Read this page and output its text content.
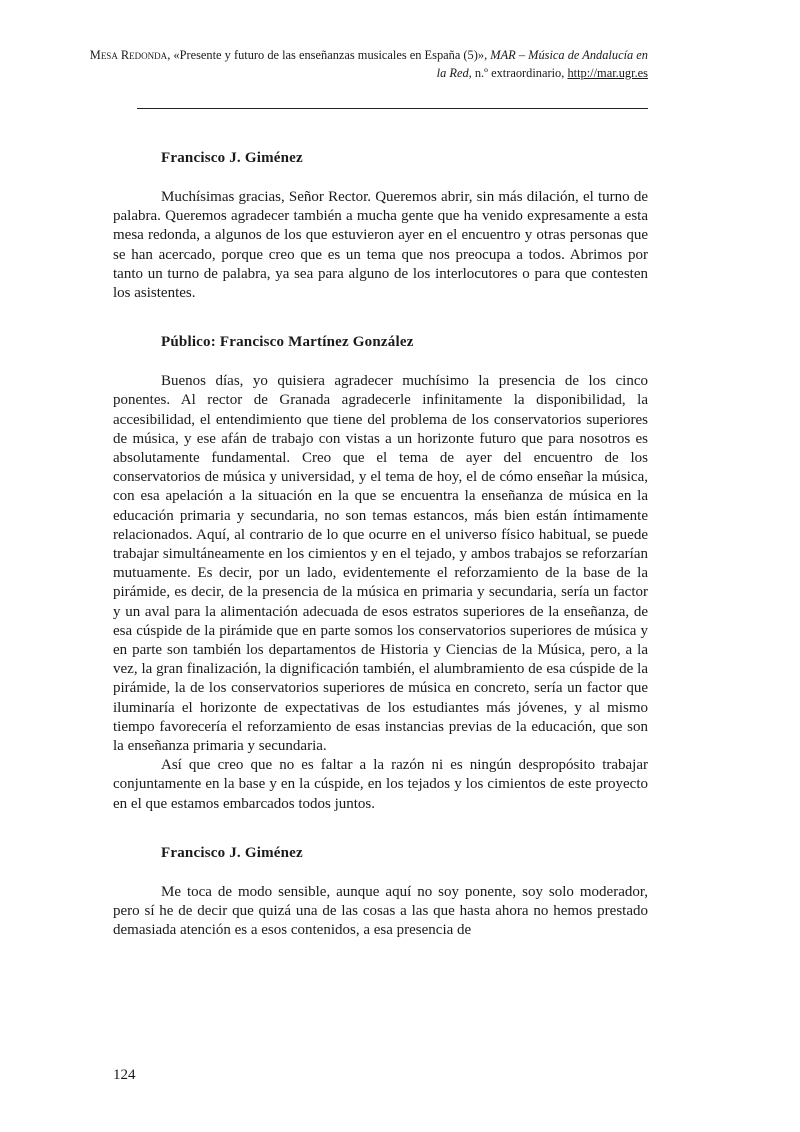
Mesa Redonda, «Presente y futuro de las enseñanzas musicales en España (5)», MAR – Música de Andalucía en la Red, n.º extraordinario, http://mar.ugr.es
Francisco J. Giménez

Muchísimas gracias, Señor Rector. Queremos abrir, sin más dilación, el turno de palabra. Queremos agradecer también a mucha gente que ha venido expresamente a esta mesa redonda, a algunos de los que estuvieron ayer en el encuentro y otras personas que se han acercado, porque creo que es un tema que nos preocupa a todos. Abrimos por tanto un turno de palabra, ya sea para alguno de los interlocutores o para que contesten los asistentes.

Público: Francisco Martínez González

Buenos días, yo quisiera agradecer muchísimo la presencia de los cinco ponentes. Al rector de Granada agradecerle infinitamente la disponibilidad, la accesibilidad, el entendimiento que tiene del problema de los conservatorios superiores de música, y ese afán de trabajo con vistas a un horizonte futuro que para nosotros es absolutamente fundamental. Creo que el tema de ayer del encuentro de los conservatorios de música y universidad, y el tema de hoy, el de cómo enseñar la música, con esa apelación a la situación en la que se encuentra la enseñanza de música en la educación primaria y secundaria, no son temas estancos, más bien están íntimamente relacionados. Aquí, al contrario de lo que ocurre en el universo físico habitual, se puede trabajar simultáneamente en los cimientos y en el tejado, y ambos trabajos se reforzarían mutuamente. Es decir, por un lado, evidentemente el reforzamiento de la base de la pirámide, es decir, de la presencia de la música en primaria y secundaria, sería un factor y un aval para la alimentación adecuada de esos estratos superiores de la enseñanza, de esa cúspide de la pirámide que en parte somos los conservatorios superiores de música y en parte son también los departamentos de Historia y Ciencias de la Música, pero, a la vez, la gran finalización, la dignificación también, el alumbramiento de esa cúspide de la pirámide, la de los conservatorios superiores de música en concreto, sería un factor que iluminaría el horizonte de expectativas de los estudiantes más jóvenes, y al mismo tiempo favorecería el reforzamiento de esas instancias previas de la educación, que son la enseñanza primaria y secundaria.

Así que creo que no es faltar a la razón ni es ningún despropósito trabajar conjuntamente en la base y en la cúspide, en los tejados y los cimientos de este proyecto en el que estamos embarcados todos juntos.

Francisco J. Giménez

Me toca de modo sensible, aunque aquí no soy ponente, soy solo moderador, pero sí he de decir que quizá una de las cosas a las que hasta ahora no hemos prestado demasiada atención es a esos contenidos, a esa presencia de

124
